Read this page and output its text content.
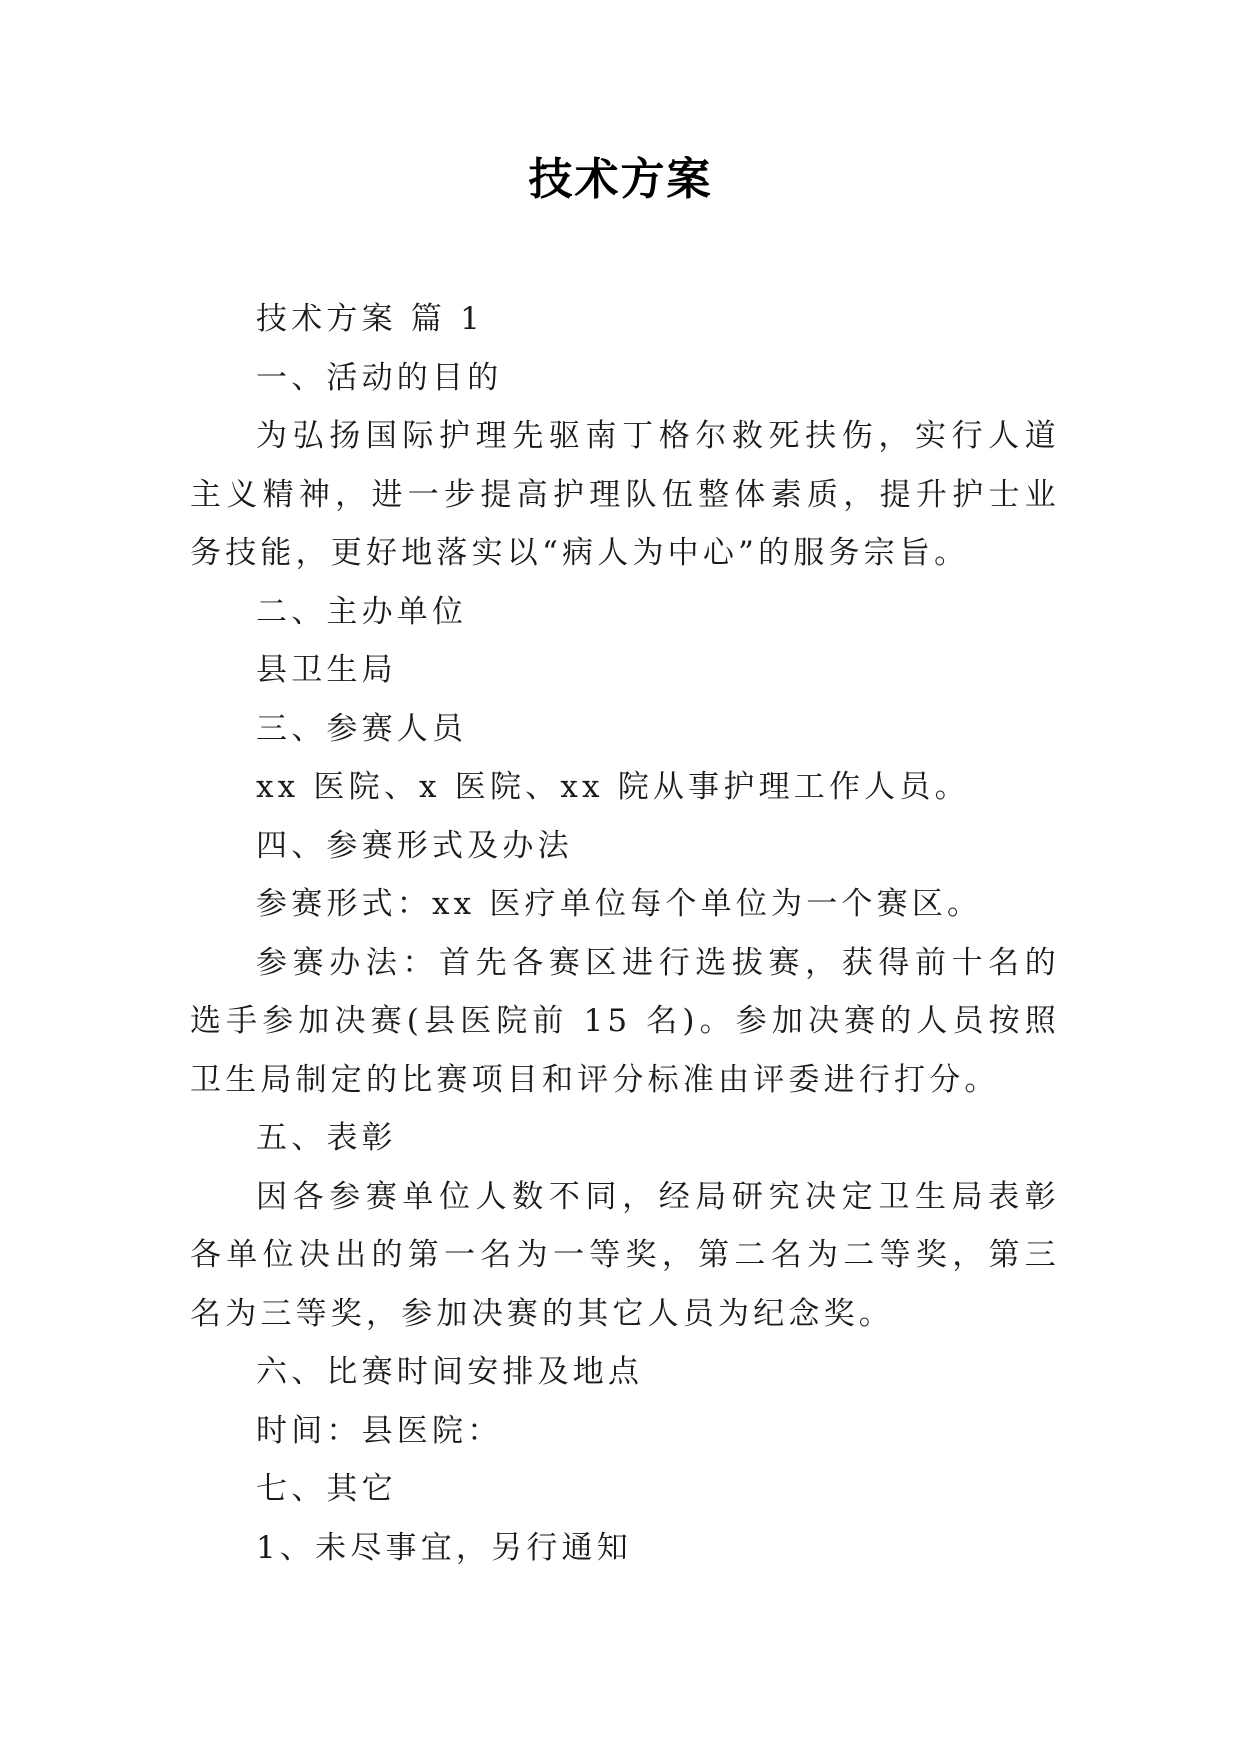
技术方案

技术方案 篇 1

一、活动的目的

为弘扬国际护理先驱南丁格尔救死扶伤，实行人道主义精神，进一步提高护理队伍整体素质，提升护士业务技能，更好地落实以“病人为中心”的服务宗旨。

二、主办单位

县卫生局

三、参赛人员

xx 医院、x 医院、xx 院从事护理工作人员。

四、参赛形式及办法

参赛形式：xx 医疗单位每个单位为一个赛区。

参赛办法：首先各赛区进行选拔赛，获得前十名的选手参加决赛(县医院前 15 名)。参加决赛的人员按照卫生局制定的比赛项目和评分标准由评委进行打分。

五、表彰

因各参赛单位人数不同，经局研究决定卫生局表彰各单位决出的第一名为一等奖，第二名为二等奖，第三名为三等奖，参加决赛的其它人员为纪念奖。

六、比赛时间安排及地点

时间：县医院：

七、其它

1、未尽事宜，另行通知
